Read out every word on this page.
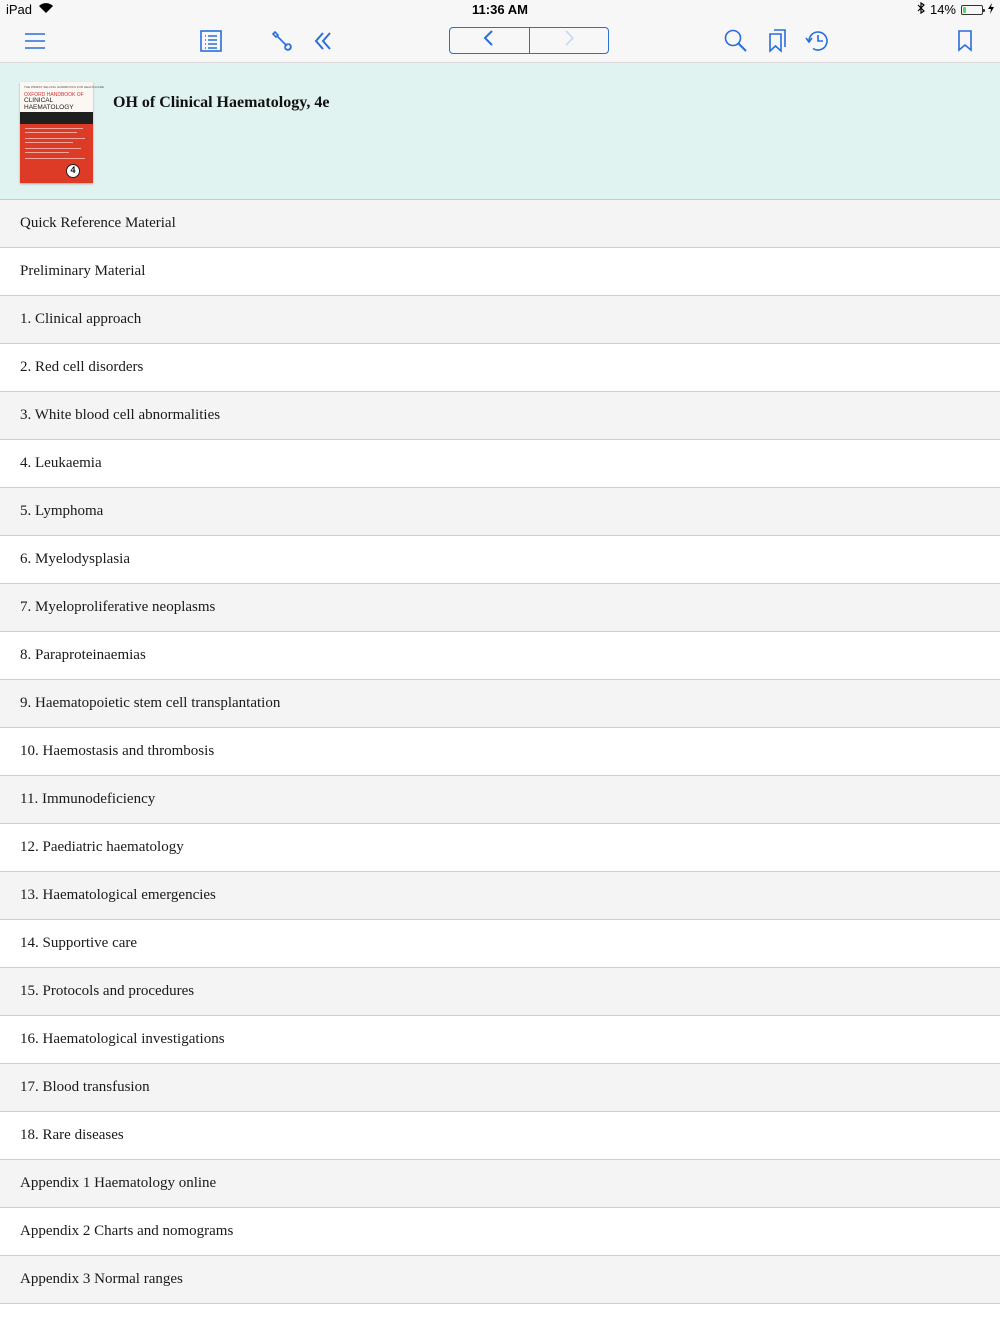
iPad	11:36 AM	14%
THE WIDEST SELLING HANDBOOKS FOR HEALTHCARE
OXFORD HANDBOOK OF
CLINICAL
HAEMATOLOGY
4
OH of Clinical Haematology, 4e
Quick Reference Material
Preliminary Material
1. Clinical approach
2. Red cell disorders
3. White blood cell abnormalities
4. Leukaemia
5. Lymphoma
6. Myelodysplasia
7. Myeloproliferative neoplasms
8. Paraproteinaemias
9. Haematopoietic stem cell transplantation
10. Haemostasis and thrombosis
11. Immunodeficiency
12. Paediatric haematology
13. Haematological emergencies
14. Supportive care
15. Protocols and procedures
16. Haematological investigations
17. Blood transfusion
18. Rare diseases
Appendix 1 Haematology online
Appendix 2 Charts and nomograms
Appendix 3 Normal ranges
